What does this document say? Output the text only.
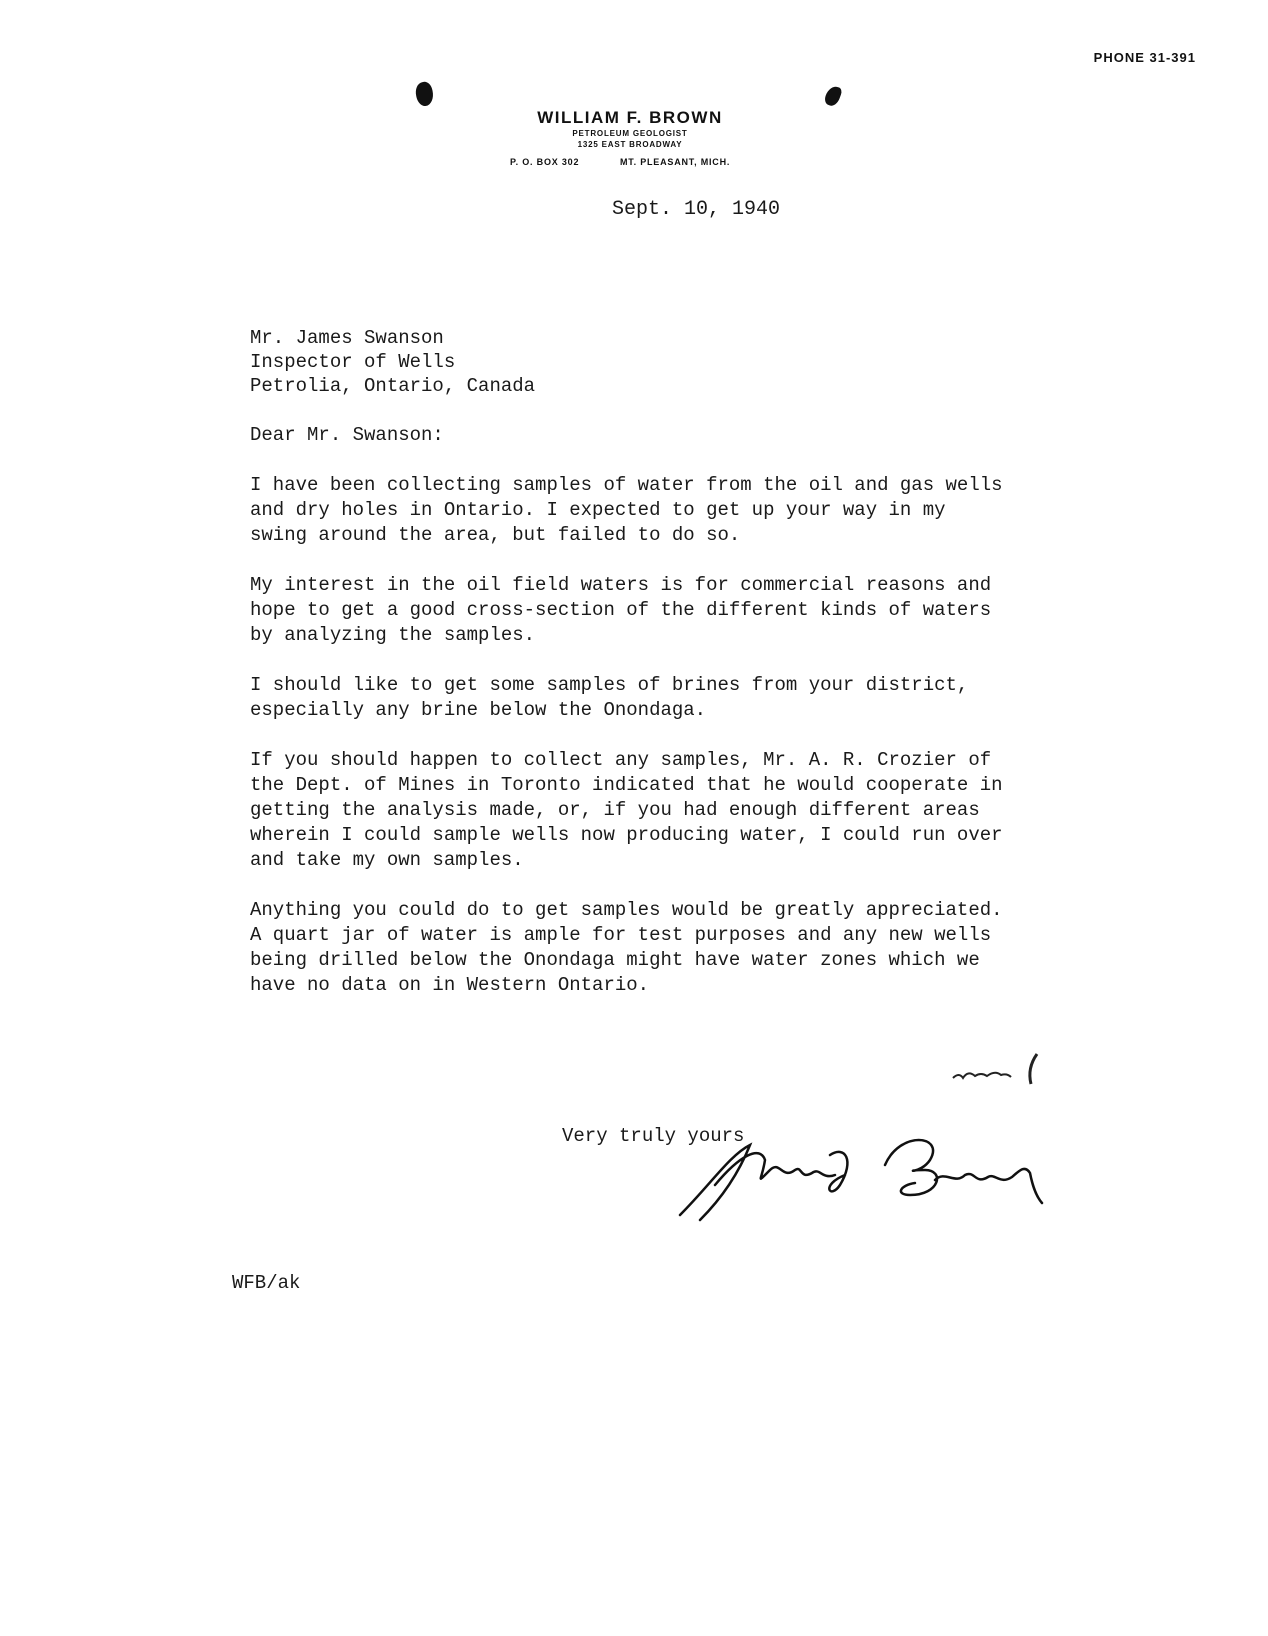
PHONE 31-391
WILLIAM F. BROWN
PETROLEUM GEOLOGIST
1325 EAST BROADWAY
P. O. BOX 302	MT. PLEASANT, MICH.
Sept. 10, 1940
Mr. James Swanson
Inspector of Wells
Petrolia, Ontario, Canada
Dear Mr. Swanson:

I have been collecting samples of water from the oil and gas wells and dry holes in Ontario. I expected to get up your way in my swing around the area, but failed to do so.

My interest in the oil field waters is for commercial reasons and hope to get a good cross-section of the different kinds of waters by analyzing the samples.

I should like to get some samples of brines from your district, especially any brine below the Onondaga.

If you should happen to collect any samples, Mr. A. R. Crozier of the Dept. of Mines in Toronto indicated that he would cooperate in getting the analysis made, or, if you had enough different areas wherein I could sample wells now producing water, I could run over and take my own samples.

Anything you could do to get samples would be greatly appreciated. A quart jar of water is ample for test purposes and any new wells being drilled below the Onondaga might have water zones which we have no data on in Western Ontario.

Very truly yours
WFB/ak
